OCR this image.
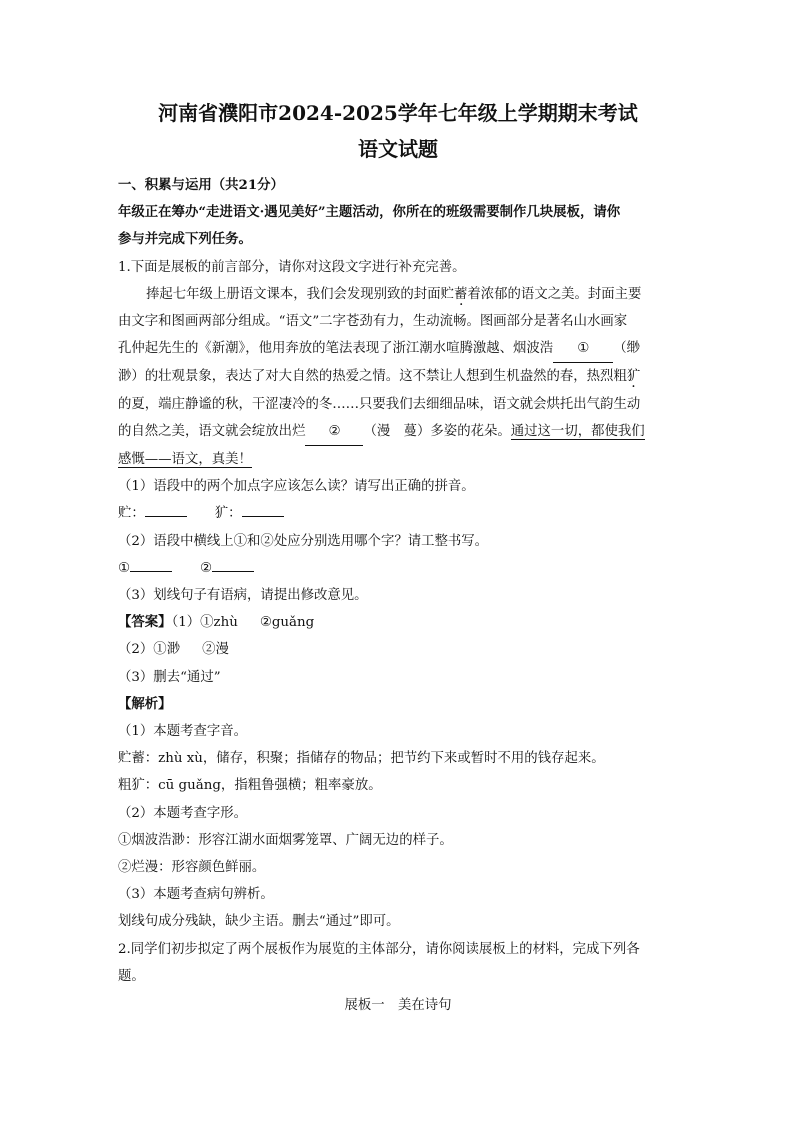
河南省濮阳市2024-2025学年七年级上学期期末考试
语文试题

一、积累与运用（共21分）

年级正在筹办“走进语文·遇见美好”主题活动，你所在的班级需要制作几块展板，请你

参与并完成下列任务。

1.下面是展板的前言部分，请你对这段文字进行补充完善。

捧起七年级上册语文课本，我们会发现别致的封面贮蓄着浓郁的语文之美。封面主要

由文字和图画两部分组成。“语文”二字苍劲有力，生动流畅。图画部分是著名山水画家

孔仲起先生的《新潮》，他用奔放的笔法表现了浙江潮水喧腾激越、烟波浩 ① （缈

渺）的壮观景象，表达了对大自然的热爱之情。这不禁让人想到生机盎然的春，热烈粗犷

的夏，端庄静谧的秋，干涩凄冷的冬……只要我们去细细品味，语文就会烘托出气韵生动

的自然之美，语文就会绽放出烂 ② （漫　蔓）多姿的花朵。通过这一切，都使我们

感慨——语文，真美！

（1）语段中的两个加点字应该怎么读？请写出正确的拼音。

贮：	犷：

（2）语段中横线上①和②处应分别选用哪个字？请工整书写。

①	②

（3）划线句子有语病，请提出修改意见。

【答案】（1）①zhù ②guǎng

（2）①渺 ②漫

（3）删去“通过”

【解析】

（1）本题考查字音。

贮蓄：zhù xù，储存，积聚；指储存的物品；把节约下来或暂时不用的钱存起来。

粗犷：cū guǎng，指粗鲁强横；粗率豪放。

（2）本题考查字形。

①烟波浩渺：形容江湖水面烟雾笼罩、广阔无边的样子。

②烂漫：形容颜色鲜丽。

（3）本题考查病句辨析。

划线句成分残缺，缺少主语。删去“通过”即可。

2.同学们初步拟定了两个展板作为展览的主体部分，请你阅读展板上的材料，完成下列各

题。

展板一　美在诗句
